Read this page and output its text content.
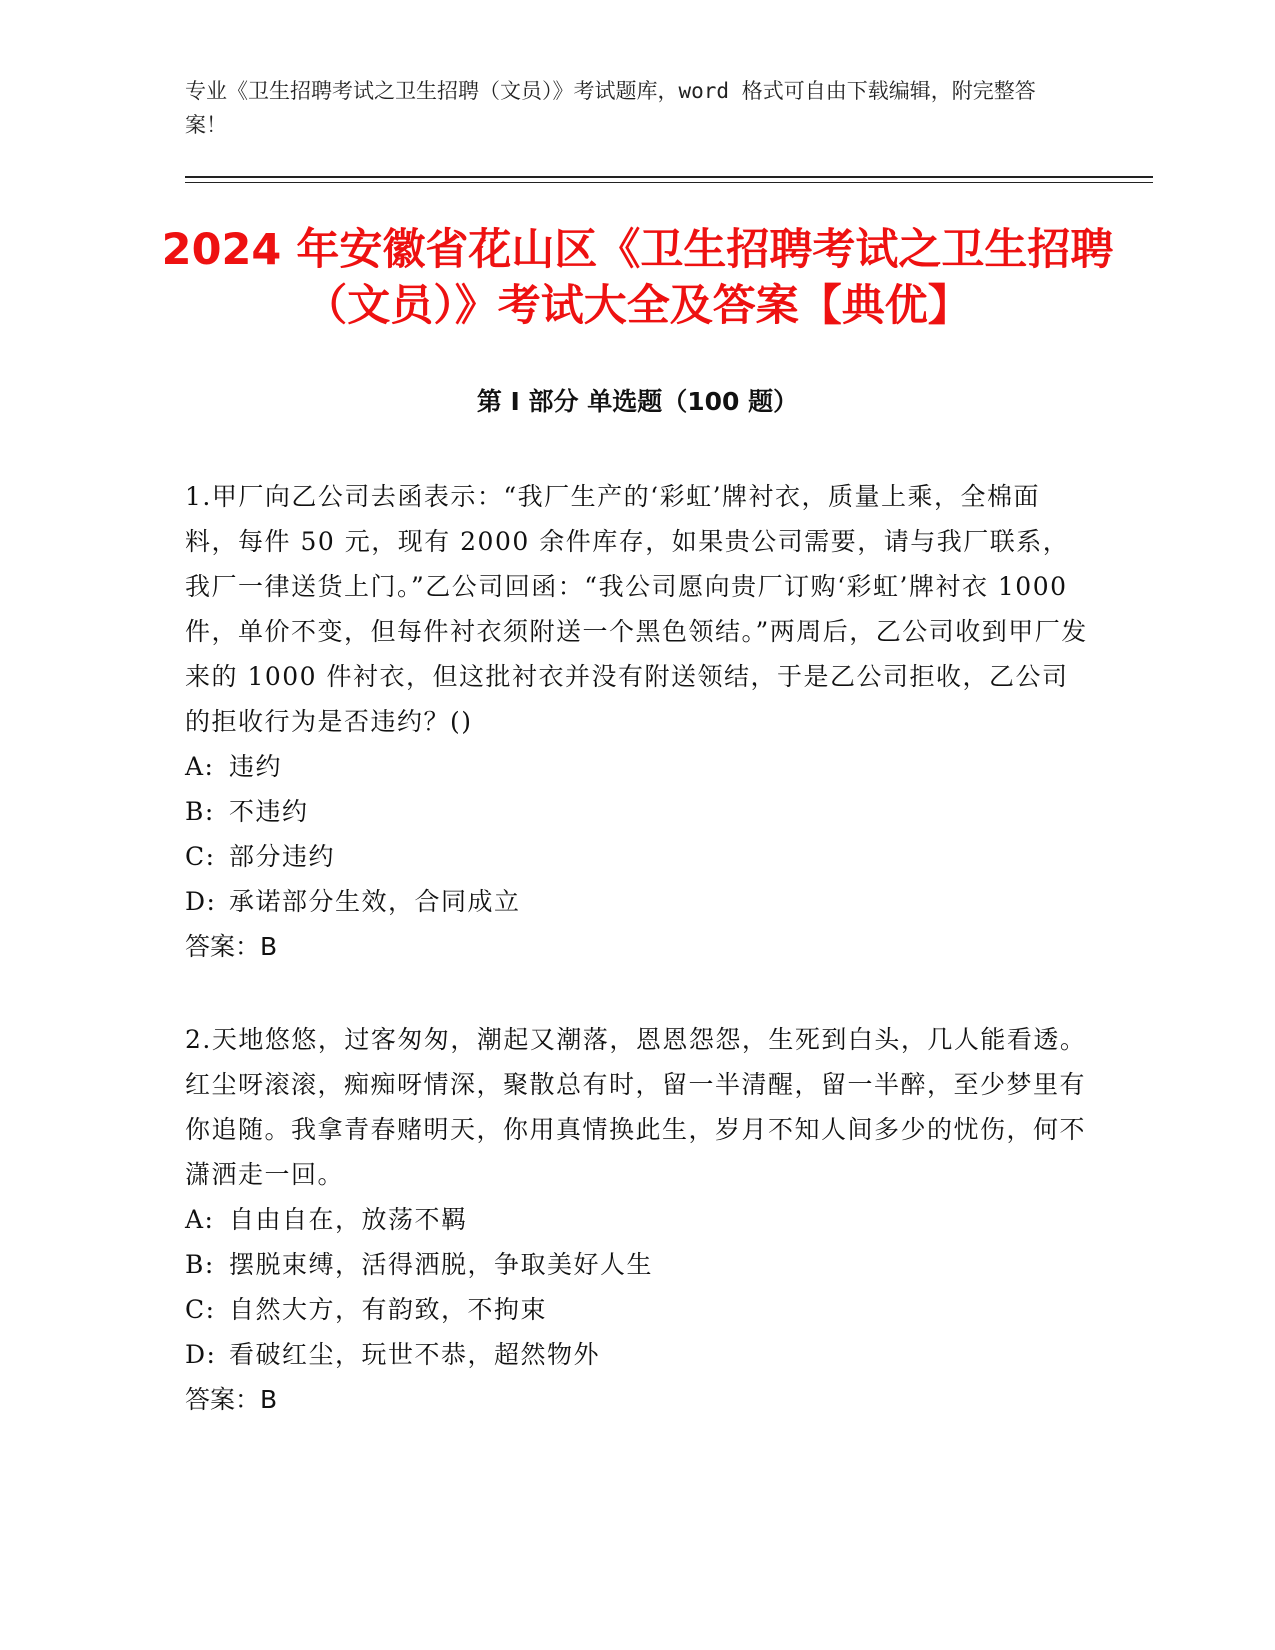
专业《卫生招聘考试之卫生招聘（文员）》考试题库，word 格式可自由下载编辑，附完整答案！
2024 年安徽省花山区《卫生招聘考试之卫生招聘（文员）》考试大全及答案【典优】
第 I 部分 单选题（100 题）
1.甲厂向乙公司去函表示：“我厂生产的‘彩虹’牌衬衣，质量上乘，全棉面料，每件 50 元，现有 2000 余件库存，如果贵公司需要，请与我厂联系，我厂一律送货上门。”乙公司回函：“我公司愿向贵厂订购‘彩虹’牌衬衣 1000 件，单价不变，但每件衬衣须附送一个黑色领结。”两周后，乙公司收到甲厂发来的 1000 件衬衣，但这批衬衣并没有附送领结，于是乙公司拒收，乙公司的拒收行为是否违约？()
A: 违约
B: 不违约
C: 部分违约
D: 承诺部分生效，合同成立
答案：B
2.天地悠悠，过客匆匆，潮起又潮落，恩恩怨怨，生死到白头，几人能看透。红尘呀滚滚，痴痴呀情深，聚散总有时，留一半清醒，留一半醉，至少梦里有你追随。我拿青春赌明天，你用真情换此生，岁月不知人间多少的忧伤，何不潇洒走一回。
A: 自由自在，放荡不羁
B: 摆脱束缚，活得洒脱，争取美好人生
C: 自然大方，有韵致，不拘束
D: 看破红尘，玩世不恭，超然物外
答案：B
